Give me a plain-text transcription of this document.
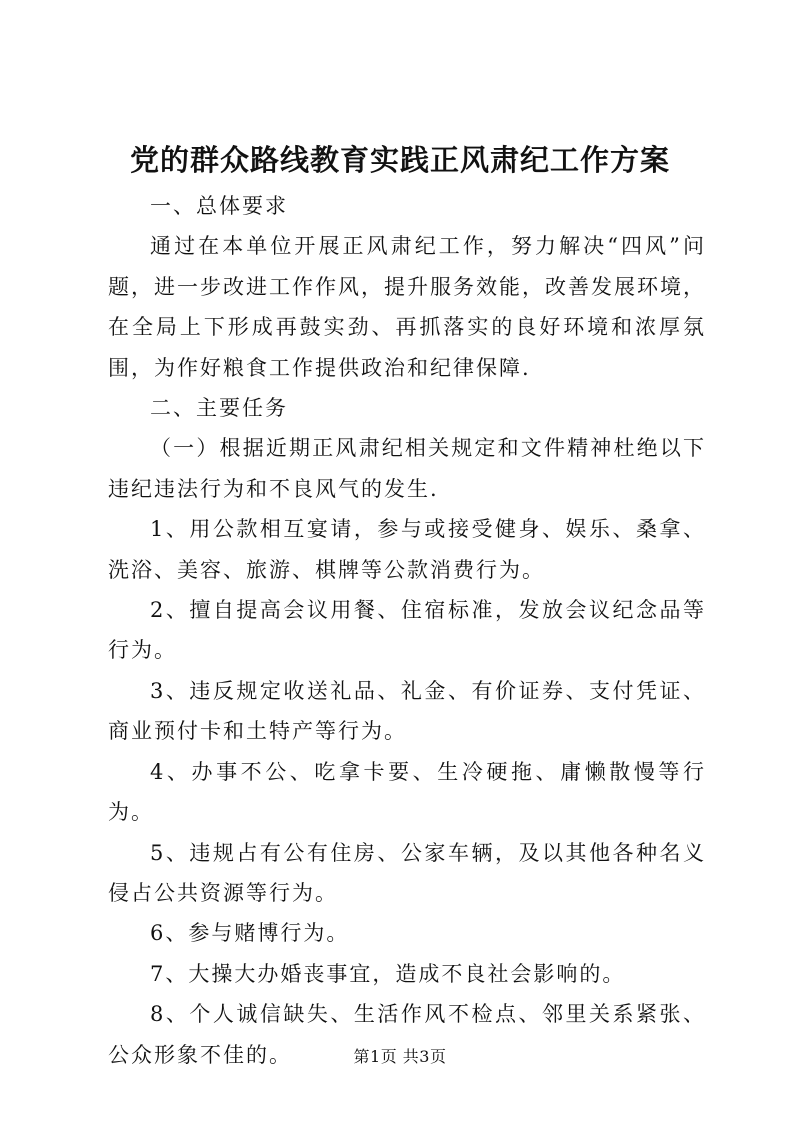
党的群众路线教育实践正风肃纪工作方案

一、总体要求

通过在本单位开展正风肃纪工作，努力解决“四风”问题，进一步改进工作作风，提升服务效能，改善发展环境，在全局上下形成再鼓实劲、再抓落实的良好环境和浓厚氛围，为作好粮食工作提供政治和纪律保障.

二、主要任务

（一）根据近期正风肃纪相关规定和文件精神杜绝以下违纪违法行为和不良风气的发生.

1、用公款相互宴请，参与或接受健身、娱乐、桑拿、洗浴、美容、旅游、棋牌等公款消费行为。

2、擅自提高会议用餐、住宿标准，发放会议纪念品等行为。

3、违反规定收送礼品、礼金、有价证券、支付凭证、商业预付卡和土特产等行为。

4、办事不公、吃拿卡要、生冷硬拖、庸懒散慢等行为。

5、违规占有公有住房、公家车辆，及以其他各种名义侵占公共资源等行为。

6、参与赌博行为。

7、大操大办婚丧事宜，造成不良社会影响的。

8、个人诚信缺失、生活作风不检点、邻里关系紧张、公众形象不佳的。	第1页 共3页
